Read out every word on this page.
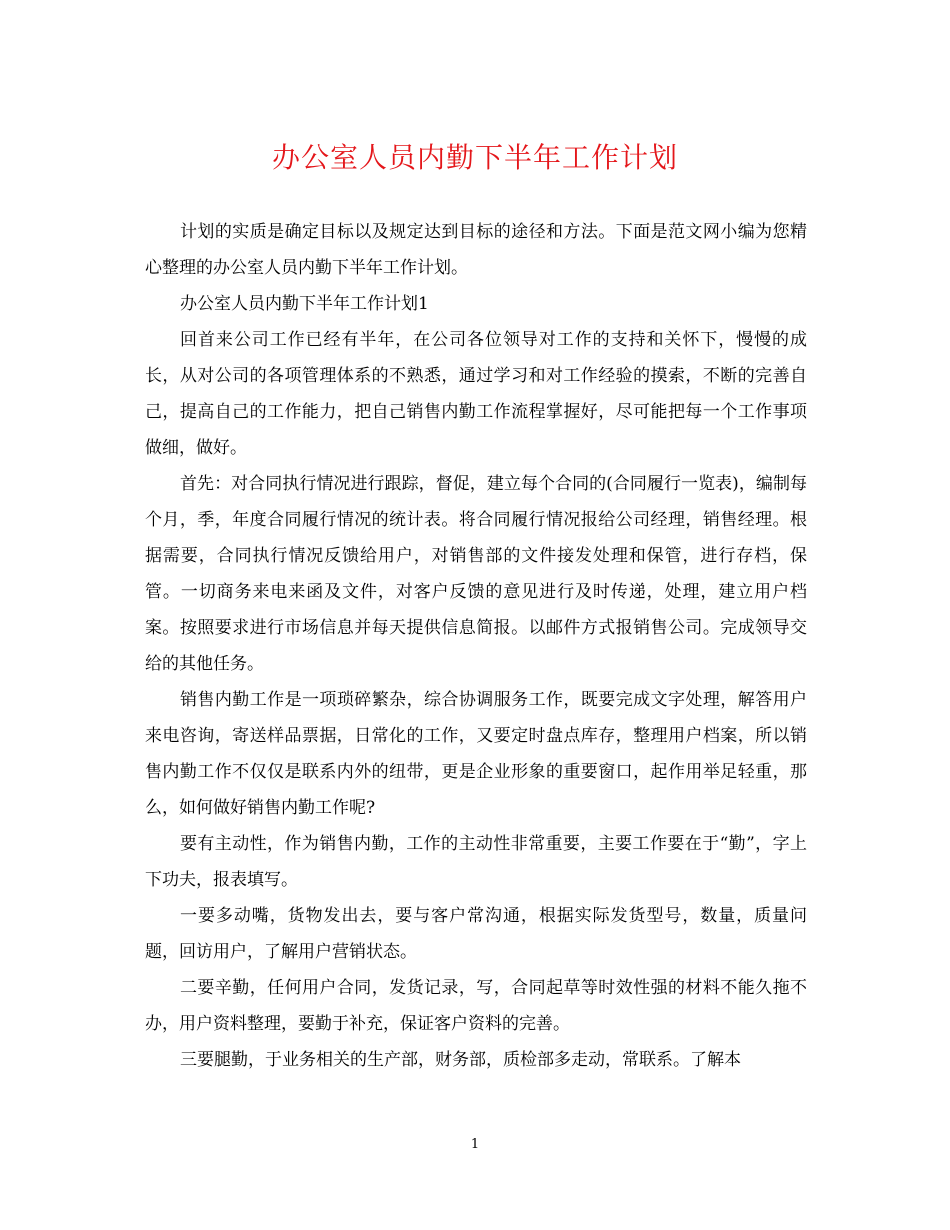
办公室人员内勤下半年工作计划

计划的实质是确定目标以及规定达到目标的途径和方法。下面是范文网小编为您精心整理的办公室人员内勤下半年工作计划。

办公室人员内勤下半年工作计划1

回首来公司工作已经有半年，在公司各位领导对工作的支持和关怀下，慢慢的成长，从对公司的各项管理体系的不熟悉，通过学习和对工作经验的摸索，不断的完善自己，提高自己的工作能力，把自己销售内勤工作流程掌握好，尽可能把每一个工作事项做细，做好。

首先：对合同执行情况进行跟踪，督促，建立每个合同的(合同履行一览表)，编制每个月，季，年度合同履行情况的统计表。将合同履行情况报给公司经理，销售经理。根据需要，合同执行情况反馈给用户，对销售部的文件接发处理和保管，进行存档，保管。一切商务来电来函及文件，对客户反馈的意见进行及时传递，处理，建立用户档案。按照要求进行市场信息并每天提供信息简报。以邮件方式报销售公司。完成领导交给的其他任务。

销售内勤工作是一项琐碎繁杂，综合协调服务工作，既要完成文字处理，解答用户来电咨询，寄送样品票据，日常化的工作，又要定时盘点库存，整理用户档案，所以销售内勤工作不仅仅是联系内外的纽带，更是企业形象的重要窗口，起作用举足轻重，那么，如何做好销售内勤工作呢?

要有主动性，作为销售内勤，工作的主动性非常重要，主要工作要在于“勤”，字上下功夫，报表填写。

一要多动嘴，货物发出去，要与客户常沟通，根据实际发货型号，数量，质量问题，回访用户，了解用户营销状态。

二要辛勤，任何用户合同，发货记录，写，合同起草等时效性强的材料不能久拖不办，用户资料整理，要勤于补充，保证客户资料的完善。

三要腿勤，于业务相关的生产部，财务部，质检部多走动，常联系。了解本

1
